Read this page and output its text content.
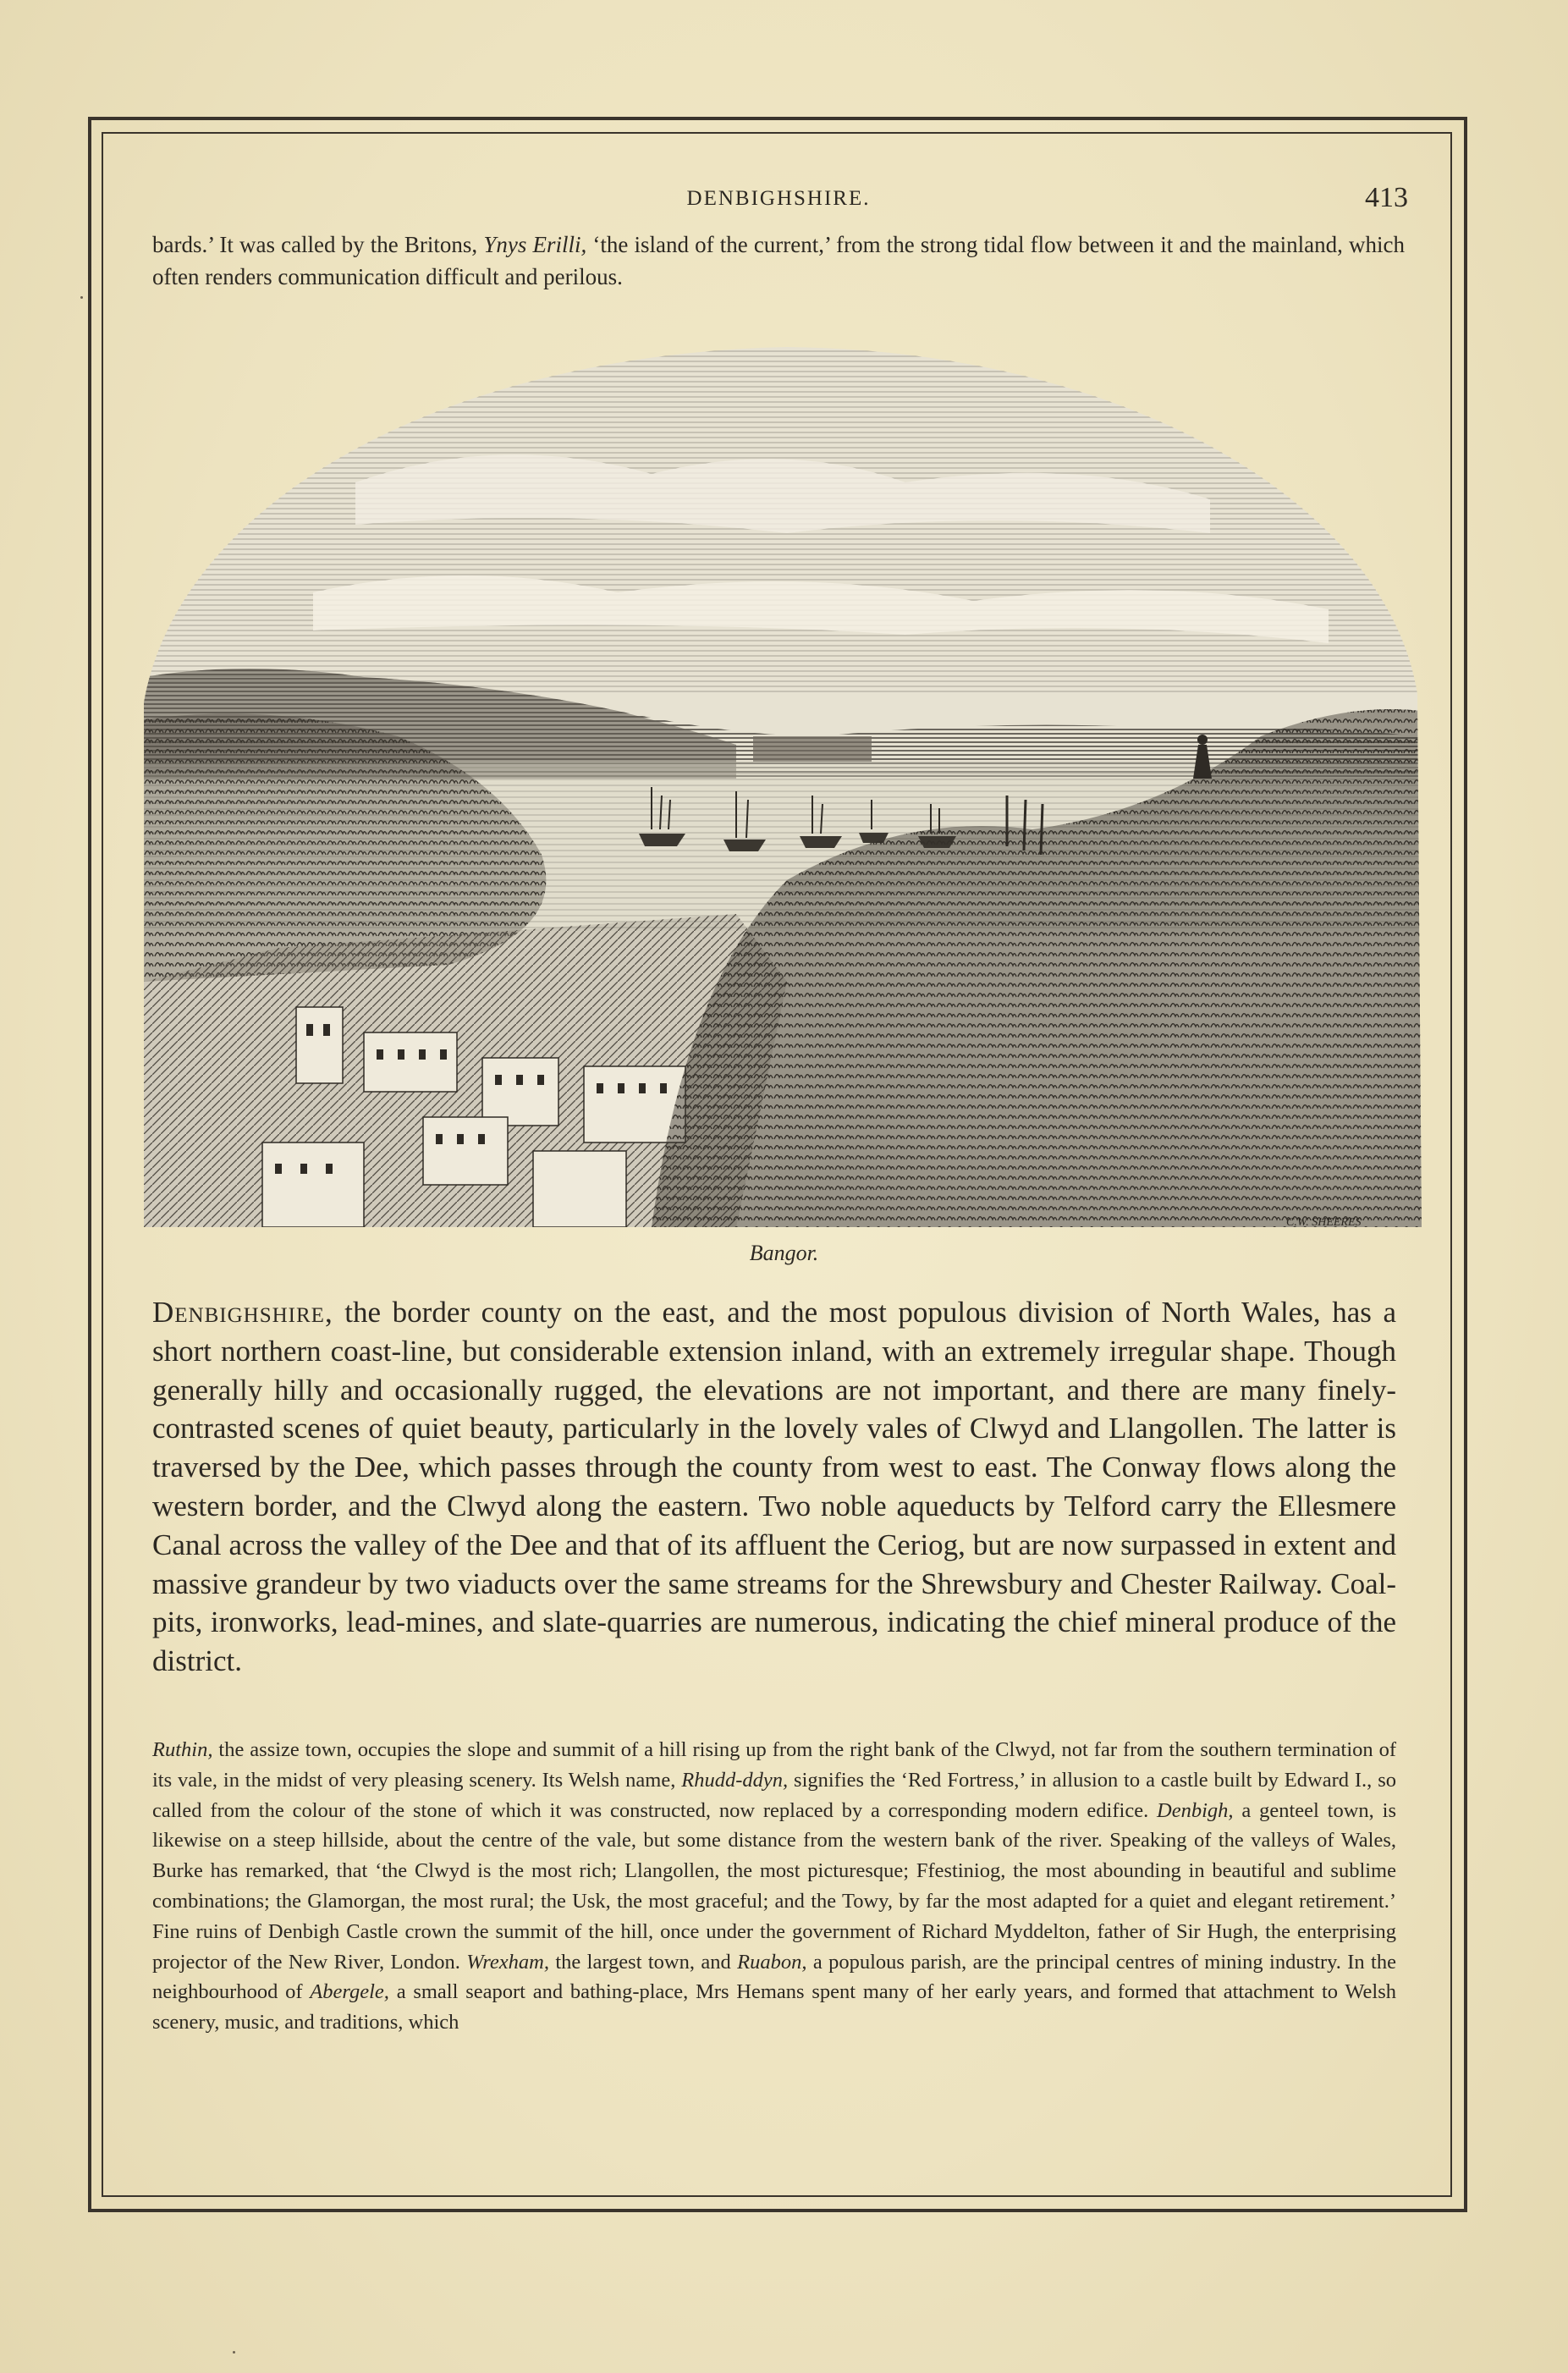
DENBIGHSHIRE.	413
bards.’ It was called by the Britons, Ynys Erilli, ‘the island of the current,’ from the strong tidal flow between it and the mainland, which often renders communication difficult and perilous.
C.W. SHEERES
Bangor.
Denbighshire, the border county on the east, and the most populous division of North Wales, has a short northern coast-line, but considerable extension inland, with an extremely irregular shape. Though generally hilly and occasionally rugged, the elevations are not important, and there are many finely-contrasted scenes of quiet beauty, particularly in the lovely vales of Clwyd and Llangollen. The latter is traversed by the Dee, which passes through the county from west to east. The Conway flows along the western border, and the Clwyd along the eastern. Two noble aqueducts by Telford carry the Ellesmere Canal across the valley of the Dee and that of its affluent the Ceriog, but are now surpassed in extent and massive grandeur by two viaducts over the same streams for the Shrewsbury and Chester Railway. Coal-pits, ironworks, lead-mines, and slate-quarries are numerous, indicating the chief mineral produce of the district.
Ruthin, the assize town, occupies the slope and summit of a hill rising up from the right bank of the Clwyd, not far from the southern termination of its vale, in the midst of very pleasing scenery. Its Welsh name, Rhudd-ddyn, signifies the ‘Red Fortress,’ in allusion to a castle built by Edward I., so called from the colour of the stone of which it was constructed, now replaced by a corresponding modern edifice. Denbigh, a genteel town, is likewise on a steep hillside, about the centre of the vale, but some distance from the western bank of the river. Speaking of the valleys of Wales, Burke has remarked, that ‘the Clwyd is the most rich; Llangollen, the most picturesque; Ffestiniog, the most abounding in beautiful and sublime combinations; the Glamorgan, the most rural; the Usk, the most graceful; and the Towy, by far the most adapted for a quiet and elegant retirement.’ Fine ruins of Denbigh Castle crown the summit of the hill, once under the government of Richard Myddelton, father of Sir Hugh, the enterprising projector of the New River, London. Wrexham, the largest town, and Ruabon, a populous parish, are the principal centres of mining industry. In the neighbourhood of Abergele, a small seaport and bathing-place, Mrs Hemans spent many of her early years, and formed that attachment to Welsh scenery, music, and traditions, which
